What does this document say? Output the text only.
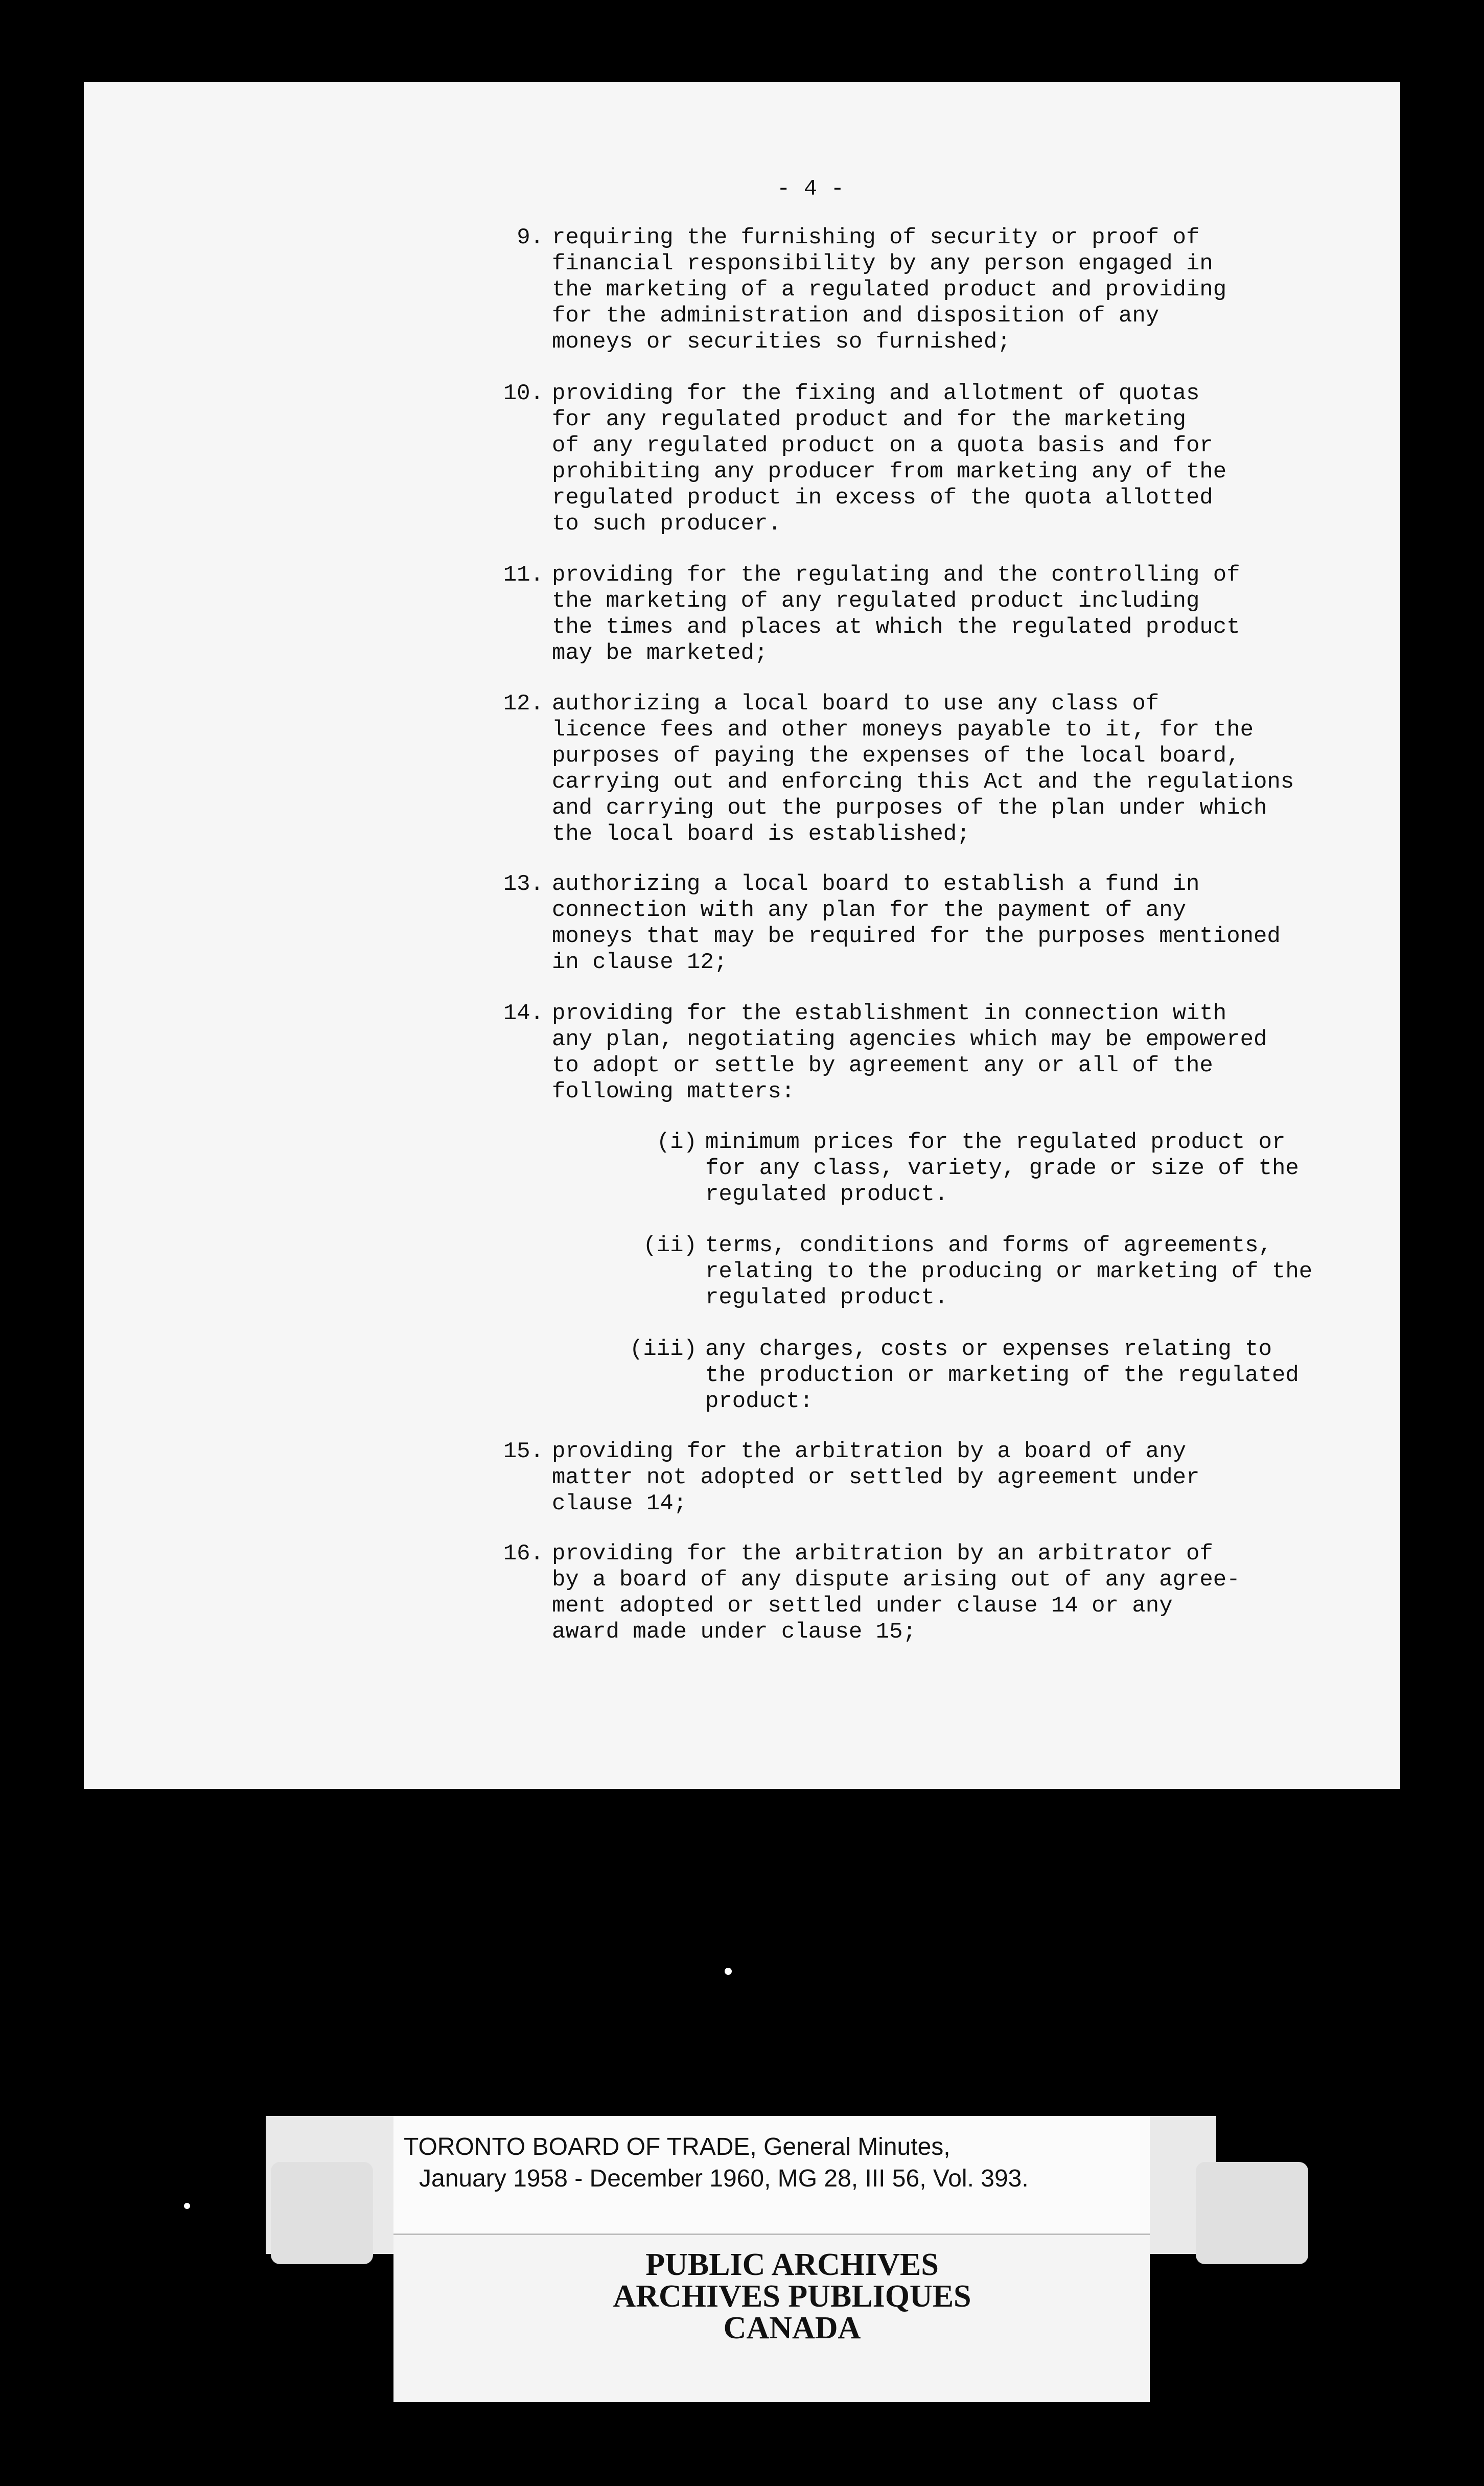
- 4 -
9. requiring the furnishing of security or proof of
financial responsibility by any person engaged in
the marketing of a regulated product and providing
for the administration and disposition of any
moneys or securities so furnished;
10. providing for the fixing and allotment of quotas
for any regulated product and for the marketing
of any regulated product on a quota basis and for
prohibiting any producer from marketing any of the
regulated product in excess of the quota allotted
to such producer.
11. providing for the regulating and the controlling of
the marketing of any regulated product including
the times and places at which the regulated product
may be marketed;
12. authorizing a local board to use any class of
licence fees and other moneys payable to it, for the
purposes of paying the expenses of the local board,
carrying out and enforcing this Act and the regulations
and carrying out the purposes of the plan under which
the local board is established;
13. authorizing a local board to establish a fund in
connection with any plan for the payment of any
moneys that may be required for the purposes mentioned
in clause 12;
14. providing for the establishment in connection with
any plan, negotiating agencies which may be empowered
to adopt or settle by agreement any or all of the
following matters:
(i) minimum prices for the regulated product or
for any class, variety, grade or size of the
regulated product.
(ii) terms, conditions and forms of agreements,
relating to the producing or marketing of the
regulated product.
(iii) any charges, costs or expenses relating to
the production or marketing of the regulated
product:
15. providing for the arbitration by a board of any
matter not adopted or settled by agreement under
clause 14;
16. providing for the arbitration by an arbitrator of
by a board of any dispute arising out of any agree-
ment adopted or settled under clause 14 or any
award made under clause 15;
TORONTO BOARD OF TRADE, General Minutes,
January 1958 - December 1960, MG 28, III 56, Vol. 393.
PUBLIC ARCHIVES
ARCHIVES PUBLIQUES
CANADA
